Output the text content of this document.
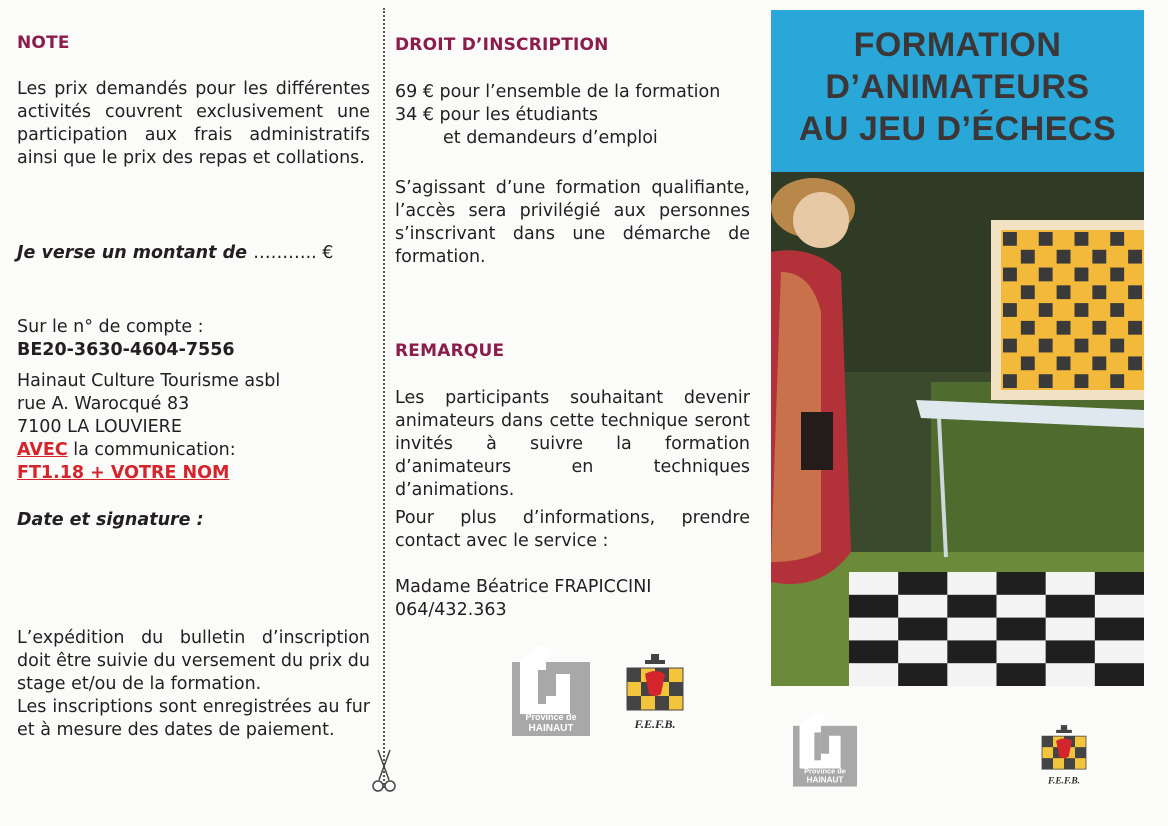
NOTE

Les prix demandés pour les différentes activités couvrent exclusivement une participation aux frais administratifs ainsi que le prix des repas et collations.

Je verse un montant de ……….. €
Sur le n° de compte :
BE20-3630-4604-7556
Hainaut Culture Tourisme asbl
rue A. Warocqué 83
7100 LA LOUVIERE
AVEC la communication:
FT1.18 + VOTRE NOM
Date et signature :

L’expédition du bulletin d’inscription doit être suivie du versement du prix du stage et/ou de la formation.

Les inscriptions sont enregistrées au fur et à mesure des dates de paiement.

DROIT D’INSCRIPTION
69 € pour l’ensemble de la formation
34 € pour les étudiants
et demandeurs d’emploi

S’agissant d’une formation qualifiante, l’accès sera privilégié aux personnes s’inscrivant dans une démarche de formation.

REMARQUE

Les participants souhaitant devenir animateurs dans cette technique seront invités à suivre la formation d’animateurs en techniques d’animations.

Pour plus d’informations, prendre contact avec le service :

Madame Béatrice FRAPICCINI
064/432.363
Province de
HAINAUT	F.E.F.B.
FORMATION
D’ANIMATEURS
AU JEU D’ÉCHECS
Province de
HAINAUT	F.E.F.B.
